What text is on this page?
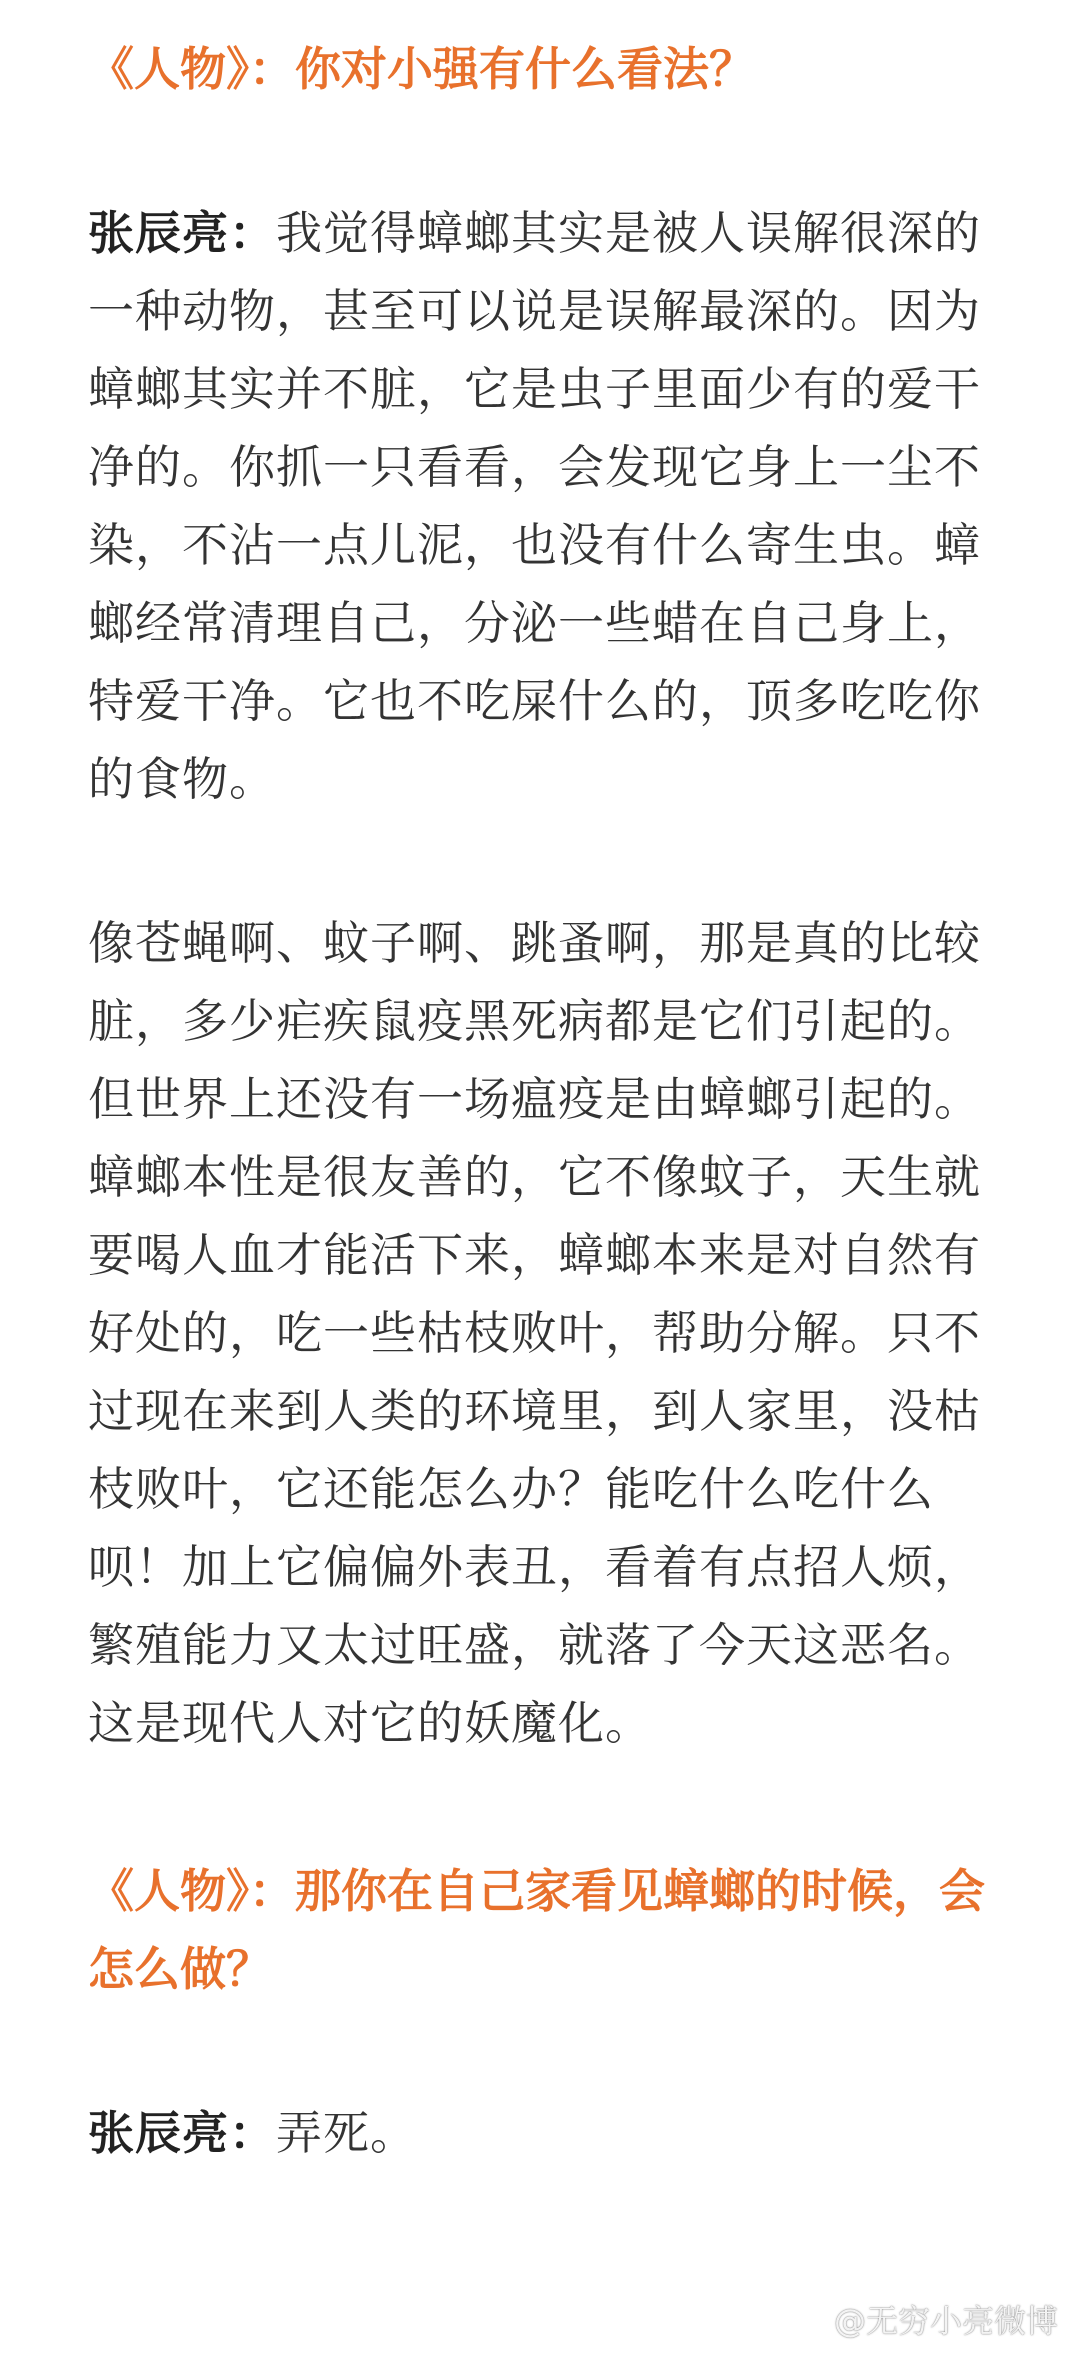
《人物》：你对小强有什么看法？

张辰亮：我觉得蟑螂其实是被人误解很深的一种动物，甚至可以说是误解最深的。因为蟑螂其实并不脏，它是虫子里面少有的爱干净的。你抓一只看看，会发现它身上一尘不染，不沾一点儿泥，也没有什么寄生虫。蟑螂经常清理自己，分泌一些蜡在自己身上，特爱干净。它也不吃屎什么的，顶多吃吃你的食物。

像苍蝇啊、蚊子啊、跳蚤啊，那是真的比较脏，多少疟疾鼠疫黑死病都是它们引起的。但世界上还没有一场瘟疫是由蟑螂引起的。蟑螂本性是很友善的，它不像蚊子，天生就要喝人血才能活下来，蟑螂本来是对自然有好处的，吃一些枯枝败叶，帮助分解。只不过现在来到人类的环境里，到人家里，没枯枝败叶，它还能怎么办？能吃什么吃什么呗！加上它偏偏外表丑，看着有点招人烦，繁殖能力又太过旺盛，就落了今天这恶名。这是现代人对它的妖魔化。

《人物》：那你在自己家看见蟑螂的时候，会怎么做？

张辰亮：弄死。

@无穷小亮微博
